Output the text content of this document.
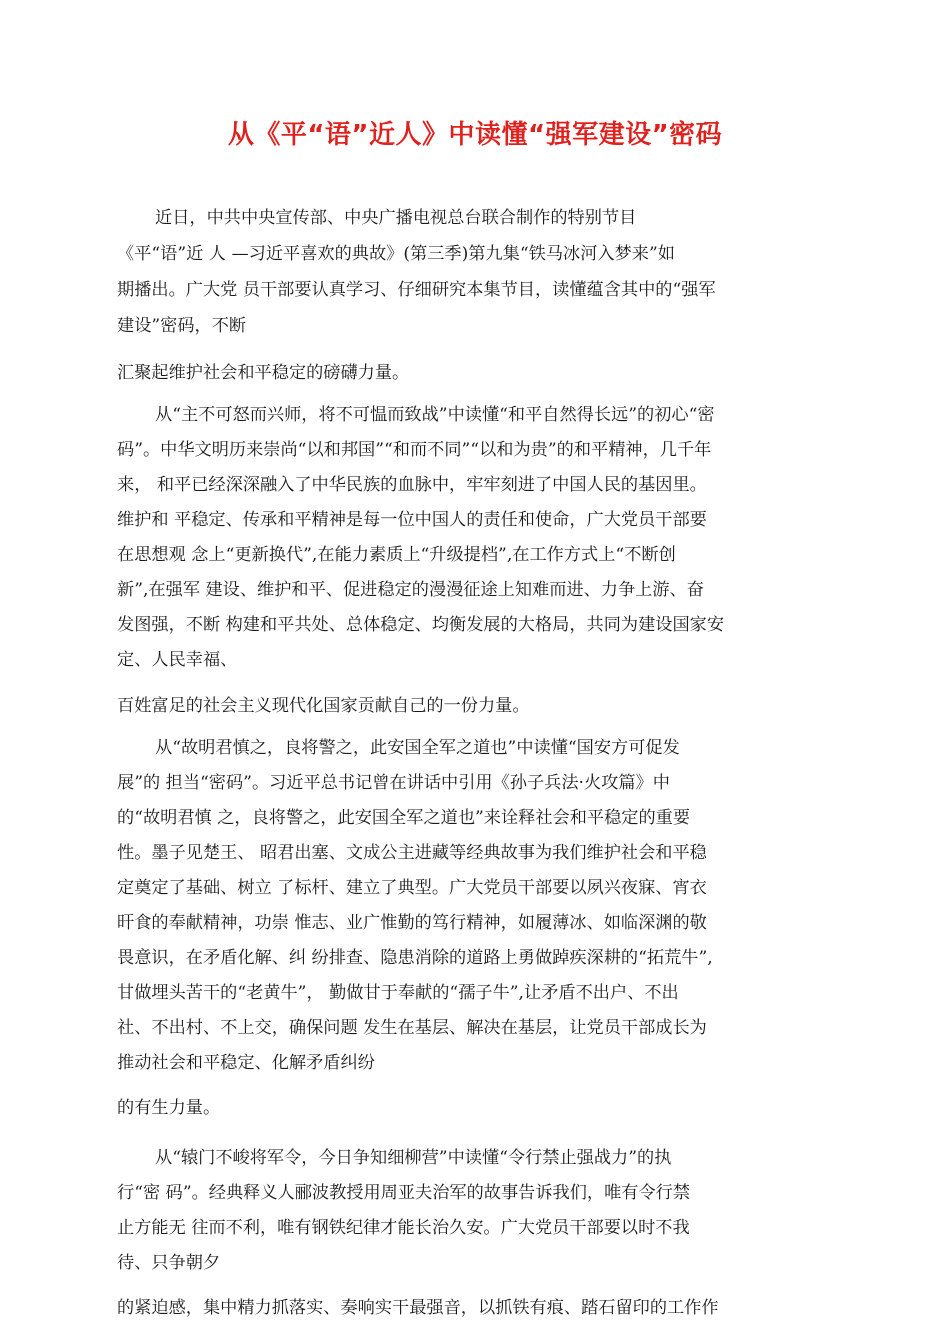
从《平“语”近人》中读懂“强军建设”密码
近日，中共中央宣传部、中央广播电视总台联合制作的特别节目
《平“语”近 人 —习近平喜欢的典故》(第三季)第九集“铁马冰河入梦来”如
期播出。广大党 员干部要认真学习、仔细研究本集节目，读懂蕴含其中的“强军
建设”密码，不断
汇聚起维护社会和平稳定的磅礴力量。
从“主不可怒而兴师，将不可愠而致战”中读懂“和平自然得长远”的初心“密
码”。中华文明历来崇尚“以和邦国”“和而不同”“以和为贵”的和平精神，几千年
来， 和平已经深深融入了中华民族的血脉中，牢牢刻进了中国人民的基因里。
维护和 平稳定、传承和平精神是每一位中国人的责任和使命，广大党员干部要
在思想观 念上“更新换代”,在能力素质上“升级提档”,在工作方式上“不断创
新”,在强军 建设、维护和平、促进稳定的漫漫征途上知难而进、力争上游、奋
发图强，不断 构建和平共处、总体稳定、均衡发展的大格局，共同为建设国家安
定、人民幸福、
百姓富足的社会主义现代化国家贡献自己的一份力量。
从“故明君慎之，良将警之，此安国全军之道也”中读懂“国安方可促发
展”的 担当“密码”。习近平总书记曾在讲话中引用《孙子兵法·火攻篇》中
的“故明君慎 之，良将警之，此安国全军之道也”来诠释社会和平稳定的重要
性。墨子见楚王、 昭君出塞、文成公主进藏等经典故事为我们维护社会和平稳
定奠定了基础、树立 了标杆、建立了典型。广大党员干部要以夙兴夜寐、宵衣
旰食的奉献精神，功崇 惟志、业广惟勤的笃行精神，如履薄冰、如临深渊的敬
畏意识，在矛盾化解、纠 纷排查、隐患消除的道路上勇做踔疾深耕的“拓荒牛”,
甘做埋头苦干的“老黄牛”， 勤做甘于奉献的“孺子牛”,让矛盾不出户、不出
社、不出村、不上交，确保问题 发生在基层、解决在基层，让党员干部成长为
推动社会和平稳定、化解矛盾纠纷
的有生力量。
从“辕门不峻将军令，今日争知细柳营”中读懂“令行禁止强战力”的执
行“密 码”。经典释义人郦波教授用周亚夫治军的故事告诉我们，唯有令行禁
止方能无 往而不利，唯有钢铁纪律才能长治久安。广大党员干部要以时不我
待、只争朝夕
的紧迫感，集中精力抓落实、奏响实干最强音，以抓铁有痕、踏石留印的工作作
